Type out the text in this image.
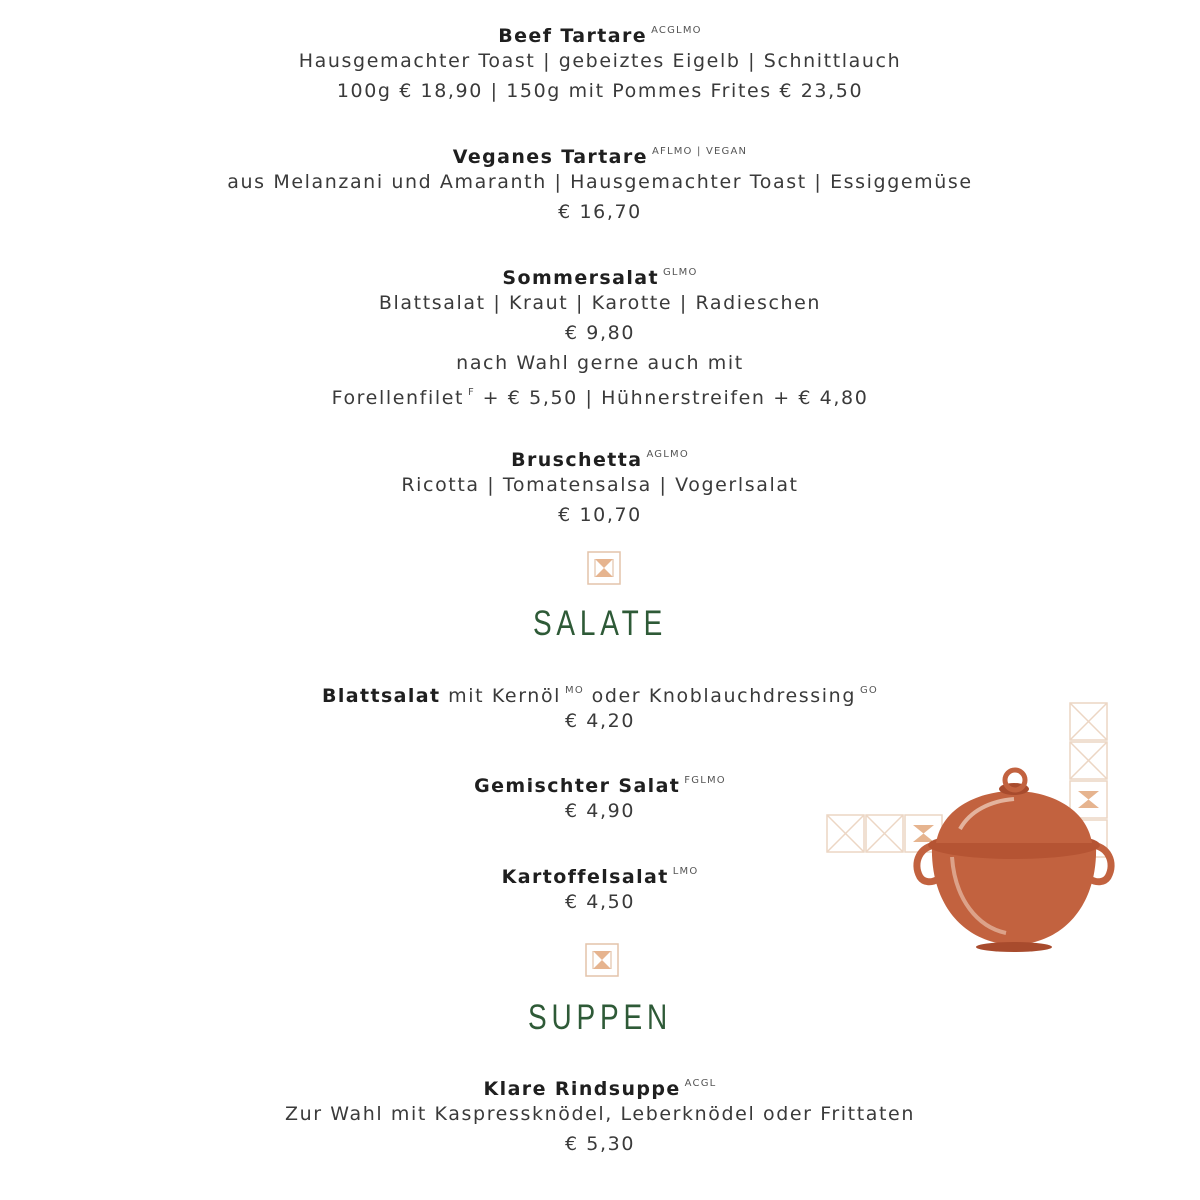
Beef Tartare $^{ACGLMO}$
Hausgemachter Toast | gebeiztes Eigelb | Schnittlauch
100g € 18,90 | 150g mit Pommes Frites € 23,50
Veganes Tartare $^{AFLMO | VEGAN}$
aus Melanzani und Amaranth | Hausgemachter Toast | Essiggemüse
€ 16,70
Sommersalat $^{GLMO}$
Blattsalat | Kraut | Karotte | Radieschen
€ 9,80
nach Wahl gerne auch mit
Forellenfilet $^F$ + € 5,50 | Hühnerstreifen + € 4,80
Bruschetta $^{AGLMO}$
Ricotta | Tomatensalsa | Vogerlsalat
€ 10,70
SALATE
Blattsalat mit Kernöl $^{MO}$ oder Knoblauchdressing $^{GO}$
€ 4,20
Gemischter Salat $^{FGLMO}$
€ 4,90
Kartoffelsalat $^{LMO}$
€ 4,50
SUPPEN
Klare Rindsuppe $^{ACGL}$
Zur Wahl mit Kaspressknödel, Leberknödel oder Frittaten
€ 5,30
